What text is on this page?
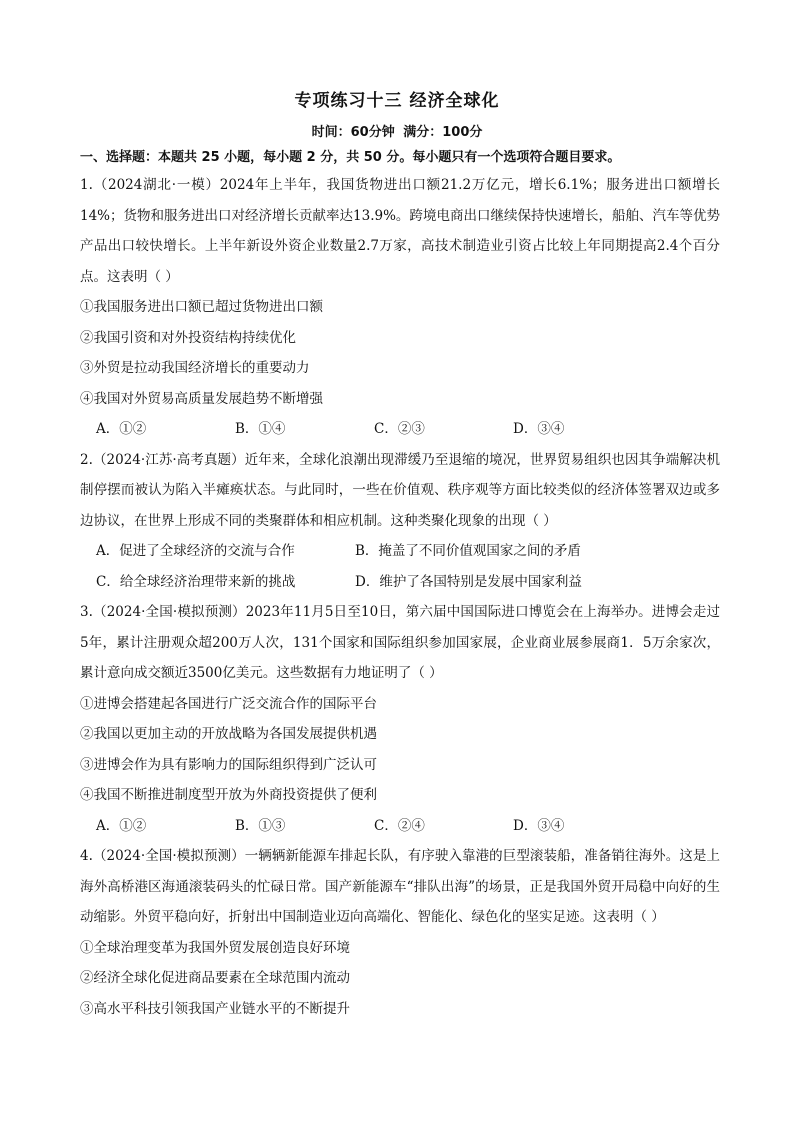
专项练习十三 经济全球化
时间：60分钟 满分：100分
一、选择题：本题共 25 小题，每小题 2 分，共 50 分。每小题只有一个选项符合题目要求。

1.（2024湖北·一模）2024年上半年，我国货物进出口额21.2万亿元，增长6.1%；服务进出口额增长14%；货物和服务进出口对经济增长贡献率达13.9%。跨境电商出口继续保持快速增长，船舶、汽车等优势产品出口较快增长。上半年新设外资企业数量2.7万家，高技术制造业引资占比较上年同期提高2.4个百分点。这表明（ ）

①我国服务进出口额已超过货物进出口额

②我国引资和对外投资结构持续优化

③外贸是拉动我国经济增长的重要动力

④我国对外贸易高质量发展趋势不断增强

A．①②	B．①④	C．②③	D．③④

2.（2024·江苏·高考真题）近年来，全球化浪潮出现滞缓乃至退缩的境况，世界贸易组织也因其争端解决机制停摆而被认为陷入半瘫痪状态。与此同时，一些在价值观、秩序观等方面比较类似的经济体签署双边或多边协议，在世界上形成不同的类聚群体和相应机制。这种类聚化现象的出现（ ）

A．促进了全球经济的交流与合作	B．掩盖了不同价值观国家之间的矛盾
C．给全球经济治理带来新的挑战	D．维护了各国特别是发展中国家利益

3.（2024·全国·模拟预测）2023年11月5日至10日，第六届中国国际进口博览会在上海举办。进博会走过5年，累计注册观众超200万人次，131个国家和国际组织参加国家展，企业商业展参展商1．5万余家次，累计意向成交额近3500亿美元。这些数据有力地证明了（ ）

①进博会搭建起各国进行广泛交流合作的国际平台

②我国以更加主动的开放战略为各国发展提供机遇

③进博会作为具有影响力的国际组织得到广泛认可

④我国不断推进制度型开放为外商投资提供了便利

A．①②	B．①③	C．②④	D．③④

4.（2024·全国·模拟预测）一辆辆新能源车排起长队，有序驶入靠港的巨型滚装船，准备销往海外。这是上海外高桥港区海通滚装码头的忙碌日常。国产新能源车“排队出海”的场景，正是我国外贸开局稳中向好的生动缩影。外贸平稳向好，折射出中国制造业迈向高端化、智能化、绿色化的坚实足迹。这表明（ ）

①全球治理变革为我国外贸发展创造良好环境

②经济全球化促进商品要素在全球范围内流动

③高水平科技引领我国产业链水平的不断提升
